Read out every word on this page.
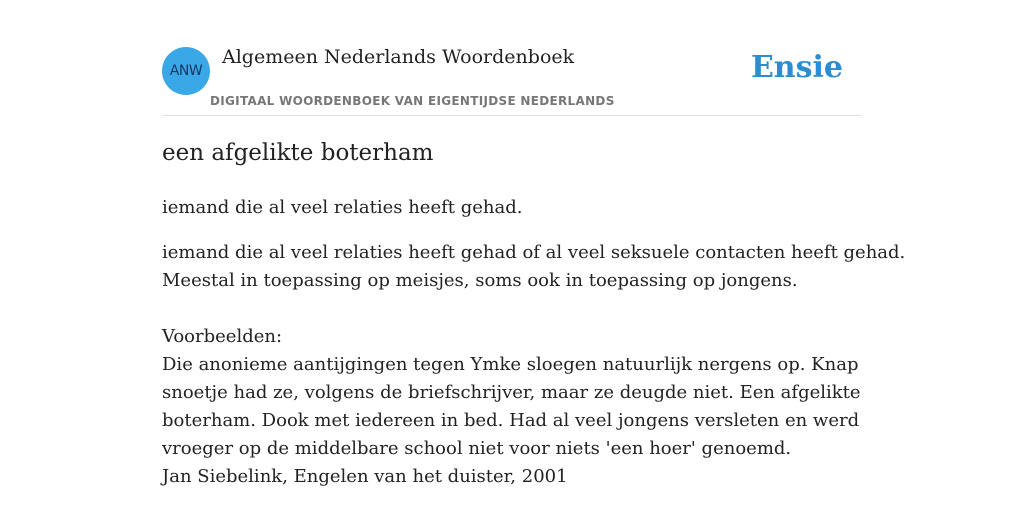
ANW
Algemeen Nederlands Woordenboek
DIGITAAL WOORDENBOEK VAN EIGENTIJDSE NEDERLANDS
Ensie
een afgelikte boterham
iemand die al veel relaties heeft gehad.

iemand die al veel relaties heeft gehad of al veel seksuele contacten heeft gehad.

Meestal in toepassing op meisjes, soms ook in toepassing op jongens.

Voorbeelden:

Die anonieme aantijgingen tegen Ymke sloegen natuurlijk nergens op. Knap

snoetje had ze, volgens de briefschrijver, maar ze deugde niet. Een afgelikte

boterham. Dook met iedereen in bed. Had al veel jongens versleten en werd

vroeger op de middelbare school niet voor niets 'een hoer' genoemd.

Jan Siebelink, Engelen van het duister, 2001
